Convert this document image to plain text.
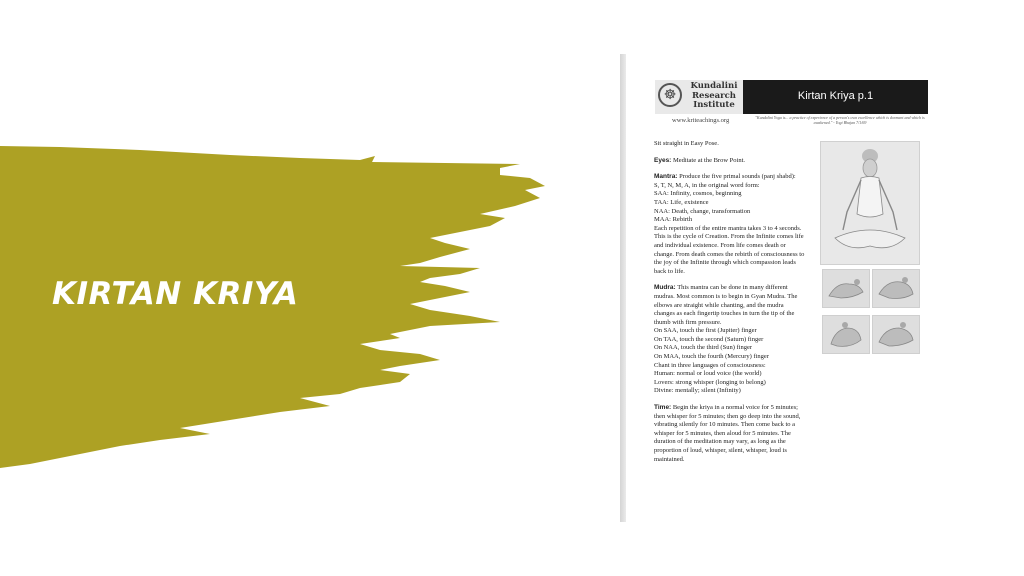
KIRTAN KRIYA
☸
Kundalini
Research
Institute
Kirtan Kriya p.1
www.kriteachings.org	"Kundalini Yoga is... a practice of experience of a person's own excellence which is dormant and which is awakened." - Yogi Bhajan 7/1/69

Sit straight in Easy Pose.

Eyes: Meditate at the Brow Point.

Mantra: Produce the five primal sounds (panj shabd):
S, T, N, M, A, in the original word form:
SAA: Infinity, cosmos, beginning
TAA: Life, existence
NAA: Death, change, transformation
MAA: Rebirth
Each repetition of the entire mantra takes 3 to 4 seconds.
This is the cycle of Creation. From the Infinite comes life
and individual existence. From life comes death or
change. From death comes the rebirth of consciousness to
the joy of the Infinite through which compassion leads
back to life.

Mudra: This mantra can be done in many different
mudras. Most common is to begin in Gyan Mudra. The
elbows are straight while chanting, and the mudra
changes as each fingertip touches in turn the tip of the
thumb with firm pressure.
On SAA, touch the first (Jupiter) finger
On TAA, touch the second (Saturn) finger
On NAA, touch the third (Sun) finger
On MAA, touch the fourth (Mercury) finger
Chant in three languages of consciousness:
Human: normal or loud voice (the world)
Lovers: strong whisper (longing to belong)
Divine: mentally; silent (Infinity)

Time: Begin the kriya in a normal voice for 5 minutes;
then whisper for 5 minutes; then go deep into the sound,
vibrating silently for 10 minutes. Then come back to a
whisper for 5 minutes, then aloud for 5 minutes. The
duration of the meditation may vary, as long as the
proportion of loud, whisper, silent, whisper, loud is
maintained.
